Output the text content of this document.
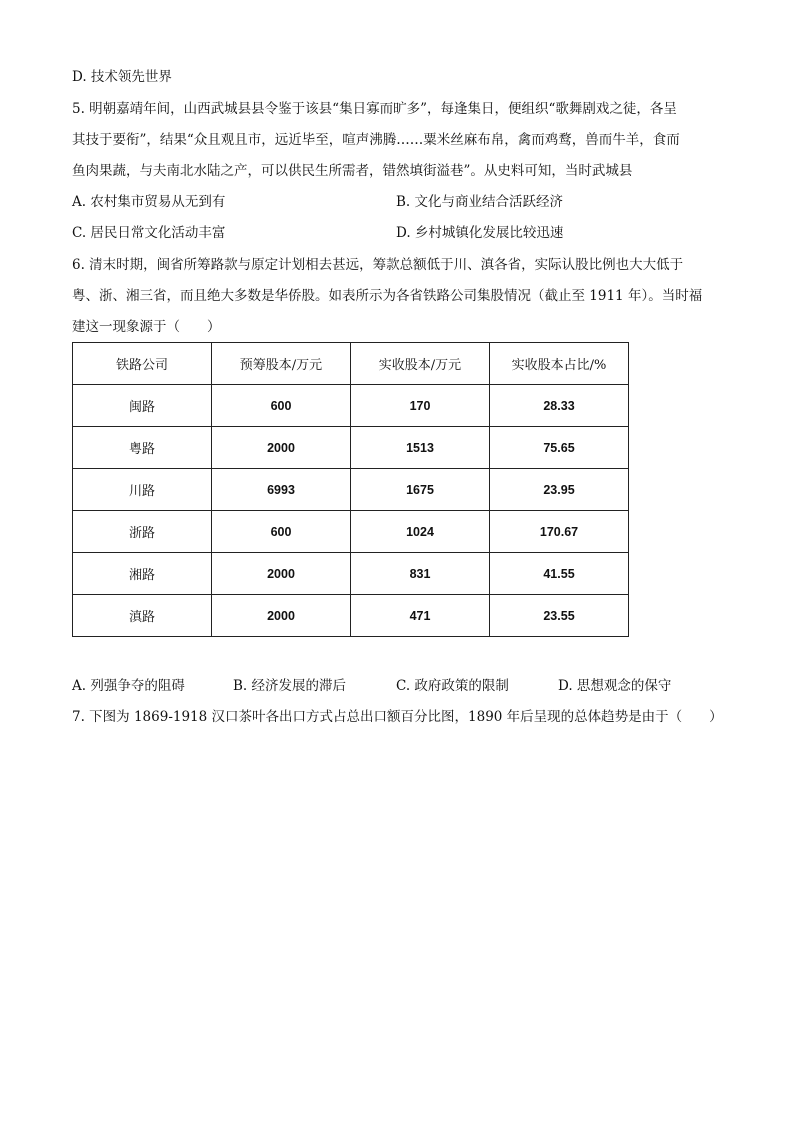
D. 技术领先世界
5. 明朝嘉靖年间，山西武城县县令鉴于该县“集日寡而旷多”，每逢集日，便组织“歌舞剧戏之徒，各呈
其技于要衔”，结果“众且观且市，远近毕至，喧声沸腾……粟米丝麻布帛，禽而鸡鹜，兽而牛羊，食而
鱼肉果蔬，与夫南北水陆之产，可以供民生所需者，错然填街溢巷”。从史料可知，当时武城县
A. 农村集市贸易从无到有	B. 文化与商业结合活跃经济
C. 居民日常文化活动丰富	D. 乡村城镇化发展比较迅速
6. 清末时期，闽省所筹路款与原定计划相去甚远，筹款总额低于川、滇各省，实际认股比例也大大低于
粤、浙、湘三省，而且绝大多数是华侨股。如表所示为各省铁路公司集股情况（截止至 1911 年）。当时福
建这一现象源于（　　）
铁路公司	预筹股本/万元	实收股本/万元	实收股本占比/%
闽路	600	170	28.33
粤路	2000	1513	75.65
川路	6993	1675	23.95
浙路	600	1024	170.67
湘路	2000	831	41.55
滇路	2000	471	23.55
A. 列强争夺的阻碍	B. 经济发展的滞后	C. 政府政策的限制	D. 思想观念的保守
7. 下图为 1869-1918 汉口茶叶各出口方式占总出口额百分比图，1890 年后呈现的总体趋势是由于（　　）
